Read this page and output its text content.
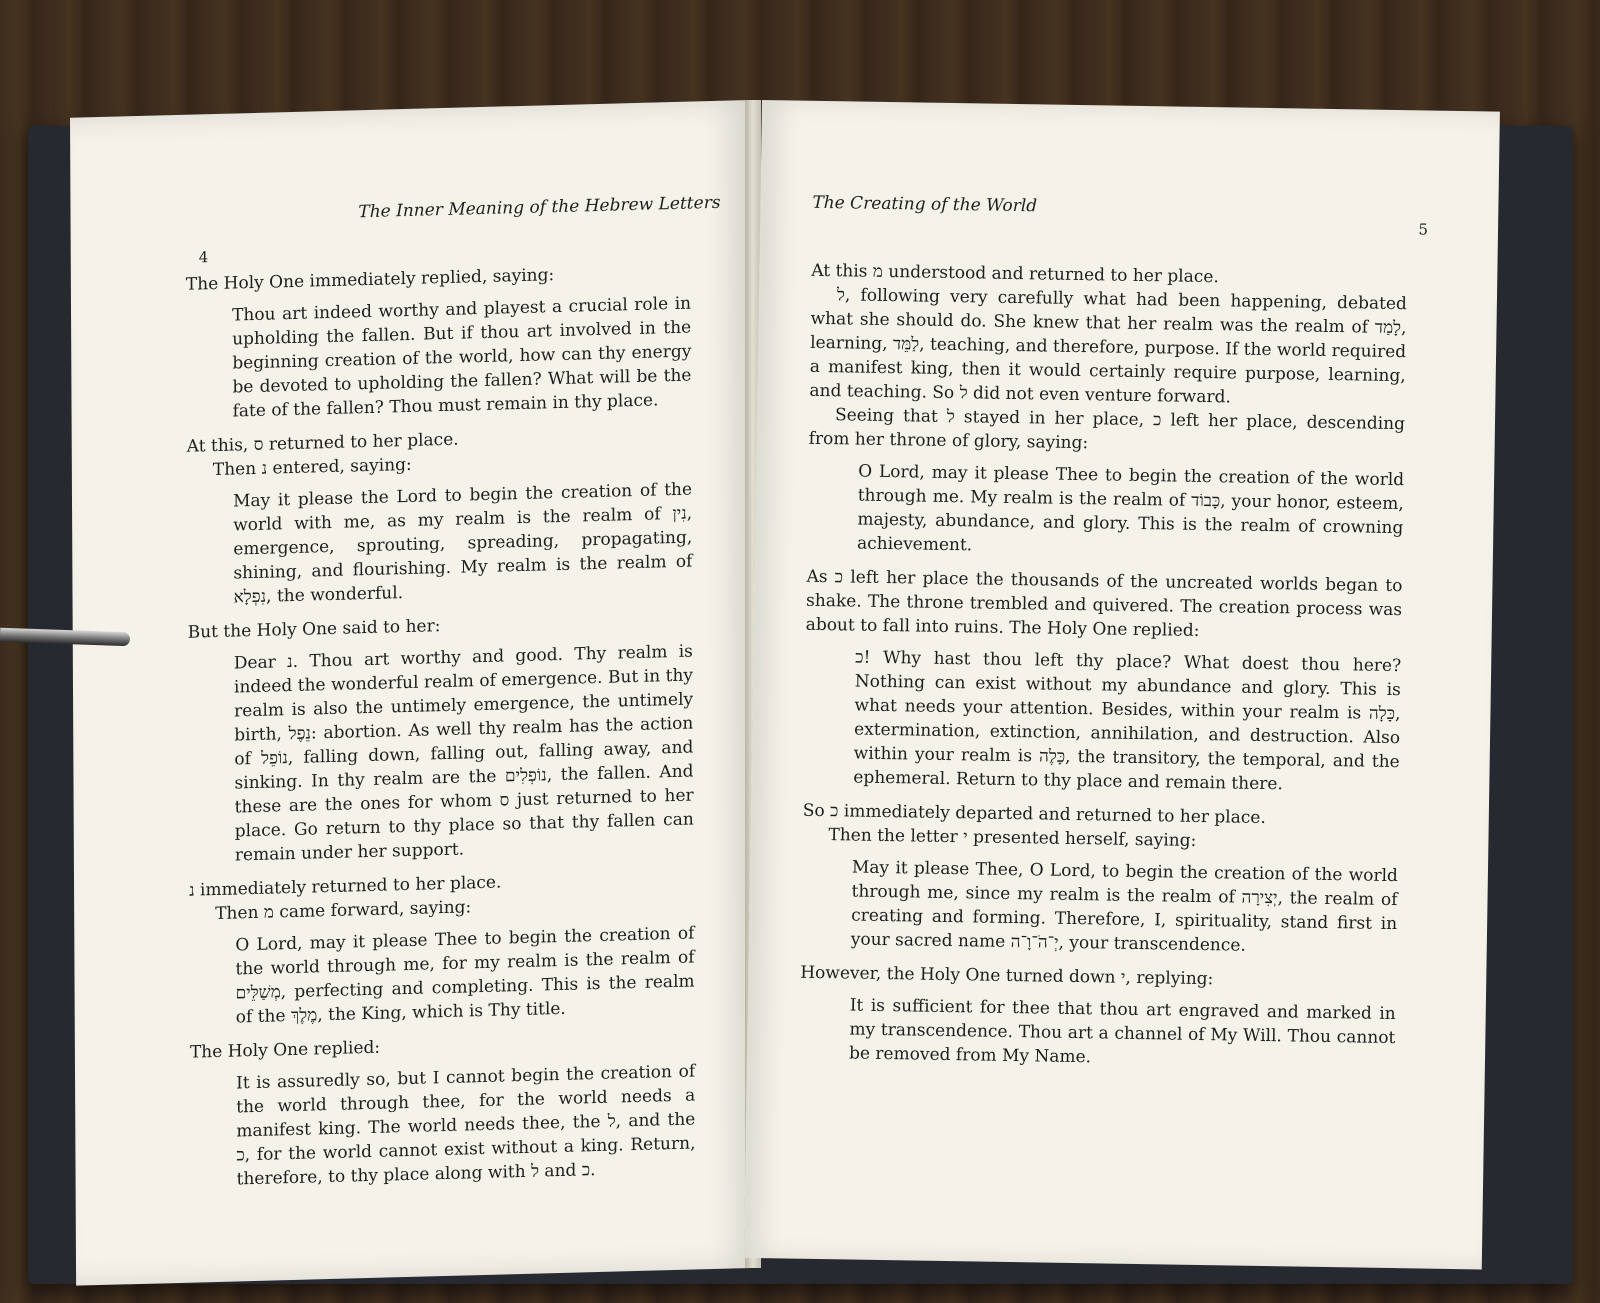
The Inner Meaning of the Hebrew Letters
4

The Holy One immediately replied, saying:

Thou art indeed worthy and playest a crucial role in upholding the fallen. But if thou art involved in the beginning creation of the world, how can thy energy be devoted to upholding the fallen? What will be the fate of the fallen? Thou must remain in thy place.

At this, ס returned to her place.

Then נ entered, saying:

May it please the Lord to begin the creation of the world with me, as my realm is the realm of נִין, emergence, sprouting, spreading, propagating, shining, and flourishing. My realm is the realm of נִפְלָא, the wonderful.

But the Holy One said to her:

Dear נ. Thou art worthy and good. Thy realm is indeed the wonderful realm of emergence. But in thy realm is also the untimely emergence, the untimely birth, נֵפֶל: abortion. As well thy realm has the action of נוֹפֵל, falling down, falling out, falling away, and sinking. In thy realm are the נוֹפְלִים, the fallen. And these are the ones for whom ס just returned to her place. Go return to thy place so that thy fallen can remain under her support.

נ immediately returned to her place.

Then מ came forward, saying:

O Lord, may it please Thee to begin the creation of the world through me, for my realm is the realm of מְשַׁלֵּים, perfecting and completing. This is the realm of the מֶלֶךְ, the King, which is Thy title.

The Holy One replied:

It is assuredly so, but I cannot begin the creation of the world through thee, for the world needs a manifest king. The world needs thee, the ל, and the כ, for the world cannot exist without a king. Return, therefore, to thy place along with ל and כ.

The Creating of the World
5

At this מ understood and returned to her place.

ל, following very carefully what had been happening, debated what she should do. She knew that her realm was the realm of לָמַד, learning, לַמֵּד, teaching, and therefore, purpose. If the world required a manifest king, then it would certainly require purpose, learning, and teaching. So ל did not even venture forward.

Seeing that ל stayed in her place, כ left her place, descending from her throne of glory, saying:

O Lord, may it please Thee to begin the creation of the world through me. My realm is the realm of כָּבוֹד, your honor, esteem, majesty, abundance, and glory. This is the realm of crowning achievement.

As כ left her place the thousands of the uncreated worlds began to shake. The throne trembled and quivered. The creation process was about to fall into ruins. The Holy One replied:

כ! Why hast thou left thy place? What doest thou here? Nothing can exist without my abundance and glory. This is what needs your attention. Besides, within your realm is כָּלָה, extermination, extinction, annihilation, and destruction. Also within your realm is כָּלֶה, the transitory, the temporal, and the ephemeral. Return to thy place and remain there.

So כ immediately departed and returned to her place.

Then the letter י presented herself, saying:

May it please Thee, O Lord, to begin the creation of the world through me, since my realm is the realm of יְצִירָה, the realm of creating and forming. Therefore, I, spirituality, stand first in your sacred name יְ־הֹ־וָ־ה, your transcendence.

However, the Holy One turned down י, replying:

It is sufficient for thee that thou art engraved and marked in my transcendence. Thou art a channel of My Will. Thou cannot be removed from My Name.
